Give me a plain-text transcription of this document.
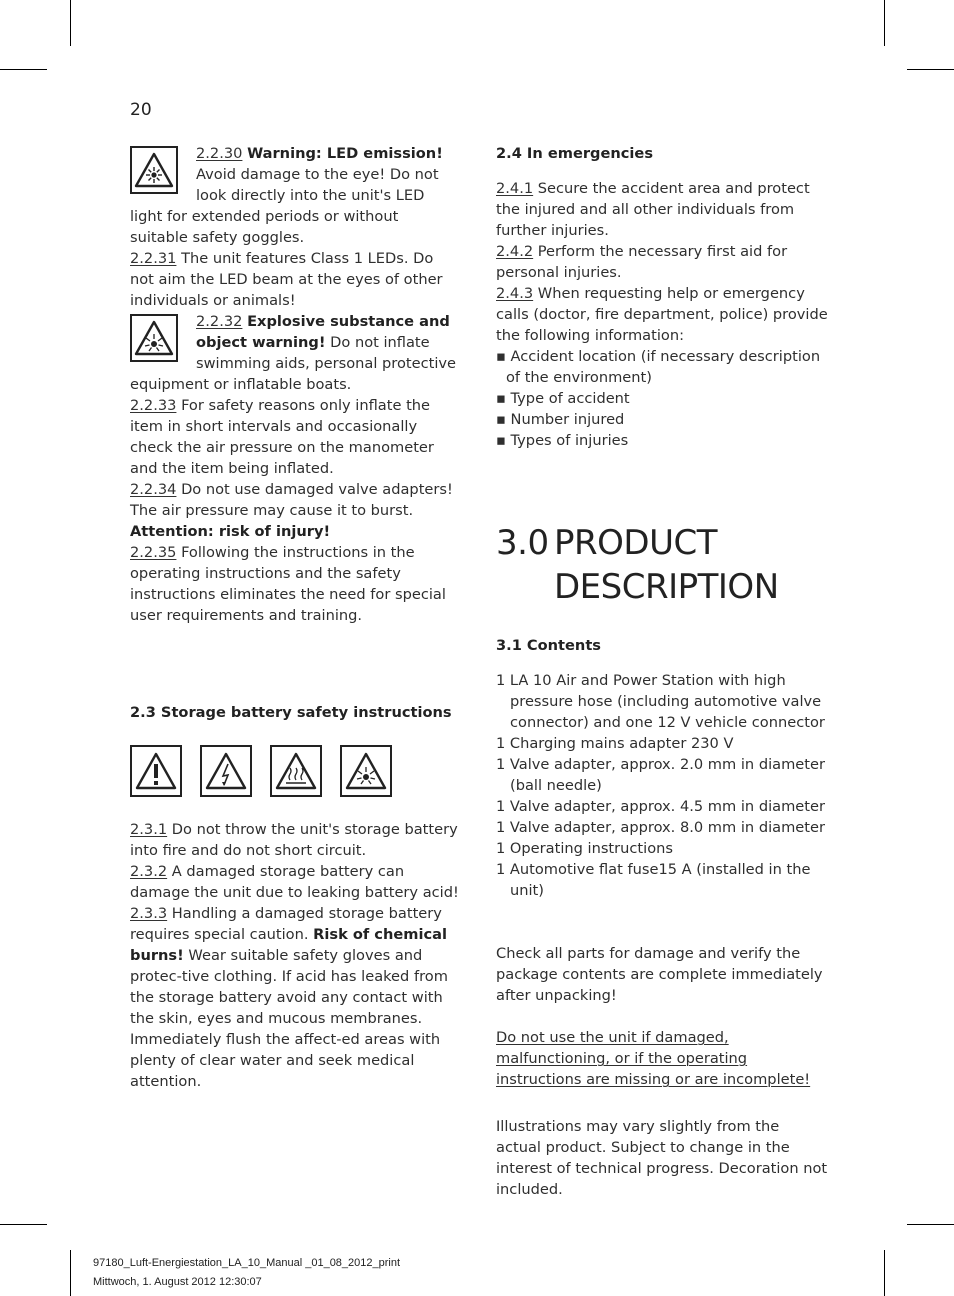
20

2.2.30 Warning: LED emission! Avoid damage to the eye! Do not look directly into the unit's LED light for extended periods or without suitable safety goggles.

2.2.31 The unit features Class 1 LEDs. Do not aim the LED beam at the eyes of other individuals or animals!

2.2.32 Explosive substance and object warning! Do not inflate swimming aids, personal protective equipment or inflatable boats.

2.2.33 For safety reasons only inflate the item in short intervals and occasionally check the air pressure on the manometer and the item being inflated.

2.2.34 Do not use damaged valve adapters! The air pressure may cause it to burst. Attention: risk of injury!

2.2.35 Following the instructions in the operating instructions and the safety instructions eliminates the need for special user requirements and training.

2.3 Storage battery safety instructions

2.3.1 Do not throw the unit's storage battery into fire and do not short circuit.

2.3.2 A damaged storage battery can damage the unit due to leaking battery acid!

2.3.3 Handling a damaged storage battery requires special caution. Risk of chemical burns! Wear suitable safety gloves and protec-tive clothing. If acid has leaked from the storage battery avoid any contact with the skin, eyes and mucous membranes. Immediately flush the affect-ed areas with plenty of clear water and seek medical attention.

2.4 In emergencies

2.4.1 Secure the accident area and protect the injured and all other individuals from further injuries.

2.4.2 Perform the necessary first aid for personal injuries.

2.4.3 When requesting help or emergency calls (doctor, fire department, police) provide the following information:

▪ Accident location (if necessary description of the environment)

▪ Type of accident

▪ Number injured

▪ Types of injuries

3.0 PRODUCT
DESCRIPTION

3.1 Contents

1 LA 10 Air and Power Station with high pressure hose (including automotive valve connector) and one 12 V vehicle connector

1 Charging mains adapter 230 V

1 Valve adapter, approx. 2.0 mm in diameter (ball needle)

1 Valve adapter, approx. 4.5 mm in diameter

1 Valve adapter, approx. 8.0 mm in diameter

1 Operating instructions

1 Automotive flat fuse15 A (installed in the unit)

Check all parts for damage and verify the package contents are complete immediately after unpacking!

Do not use the unit if damaged, malfunctioning, or if the operating instructions are missing or are incomplete!

Illustrations may vary slightly from the actual product. Subject to change in the interest of technical progress. Decoration not included.

97180_Luft-Energiestation_LA_10_Manual _01_08_2012_print
Mittwoch, 1. August 2012 12:30:07
